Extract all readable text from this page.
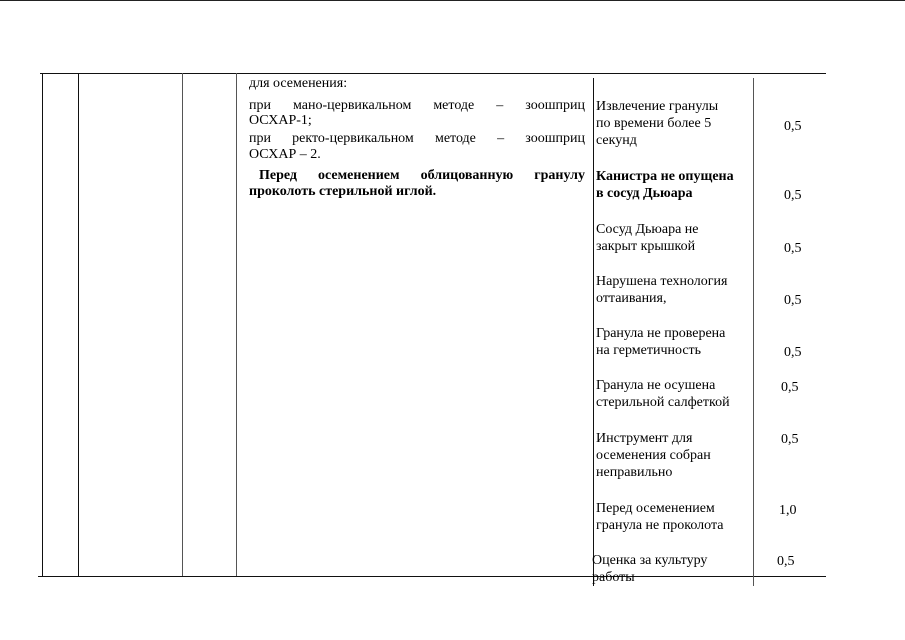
для осеменения:
при мано-цервикальном методе – зоошприц
ОСХАР-1;
при ректо-цервикальном методе – зоошприц
ОСХАР – 2.
Перед осеменением облицованную гранулу
проколоть стерильной иглой.
Извлечение гранулы
по времени более 5
секунд
0,5
Канистра не опущена
в сосуд Дьюара	0,5
Сосуд Дьюара не
закрыт крышкой	0,5
Нарушена технология
оттаивания,	0,5
Гранула не проверена
на герметичность	0,5
Гранула не осушена
стерильной салфеткой
0,5
Инструмент для
осеменения собран
неправильно
0,5
Перед осеменением
гранула не проколота
1,0
Оценка за культуру
работы
0,5
